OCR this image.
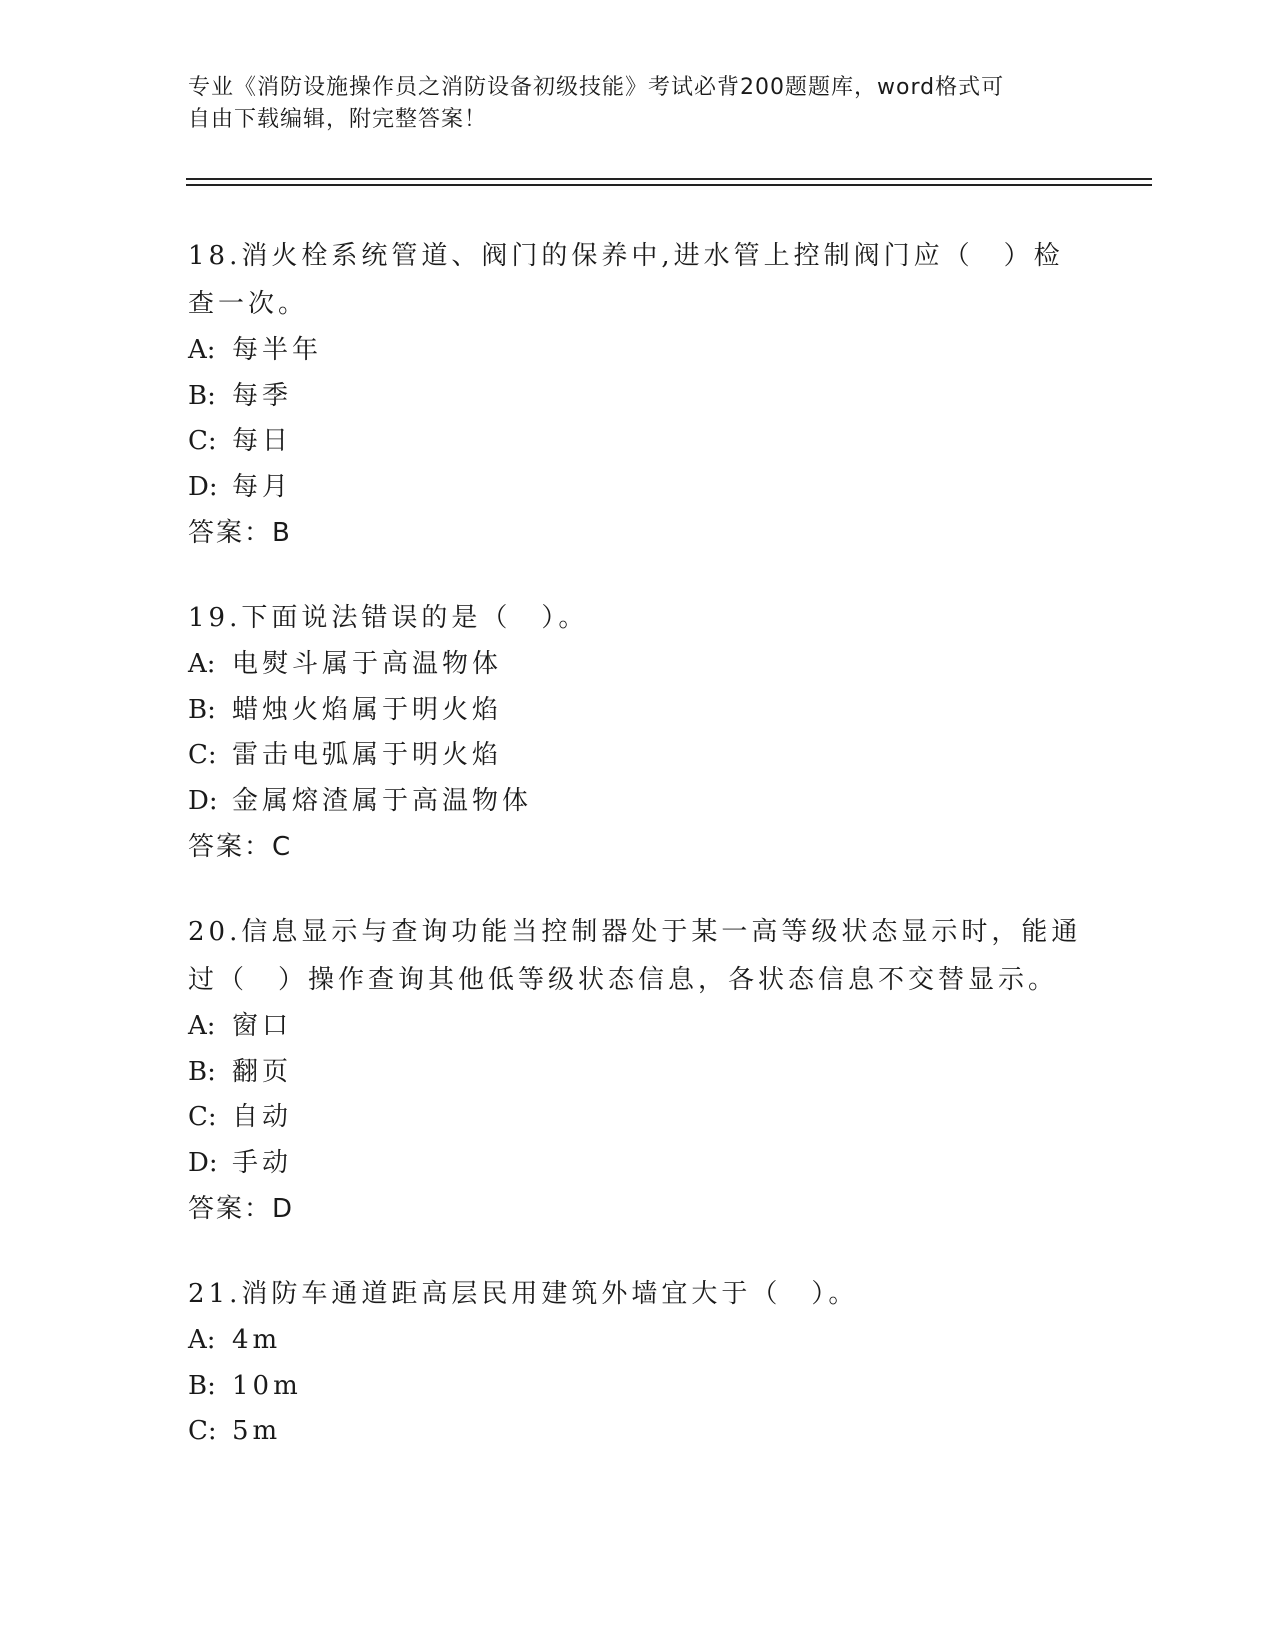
专业《消防设施操作员之消防设备初级技能》考试必背200题题库，word格式可
自由下载编辑，附完整答案！
18.消火栓系统管道、阀门的保养中,进水管上控制阀门应（　）检查一次。
A: 每半年
B: 每季
C: 每日
D: 每月
答案：B
19.下面说法错误的是（　）。
A: 电熨斗属于高温物体
B: 蜡烛火焰属于明火焰
C: 雷击电弧属于明火焰
D: 金属熔渣属于高温物体
答案：C
20.信息显示与查询功能当控制器处于某一高等级状态显示时，能通过（　）操作查询其他低等级状态信息，各状态信息不交替显示。
A: 窗口
B: 翻页
C: 自动
D: 手动
答案：D
21.消防车通道距高层民用建筑外墙宜大于（　）。
A: 4m
B: 10m
C: 5m
